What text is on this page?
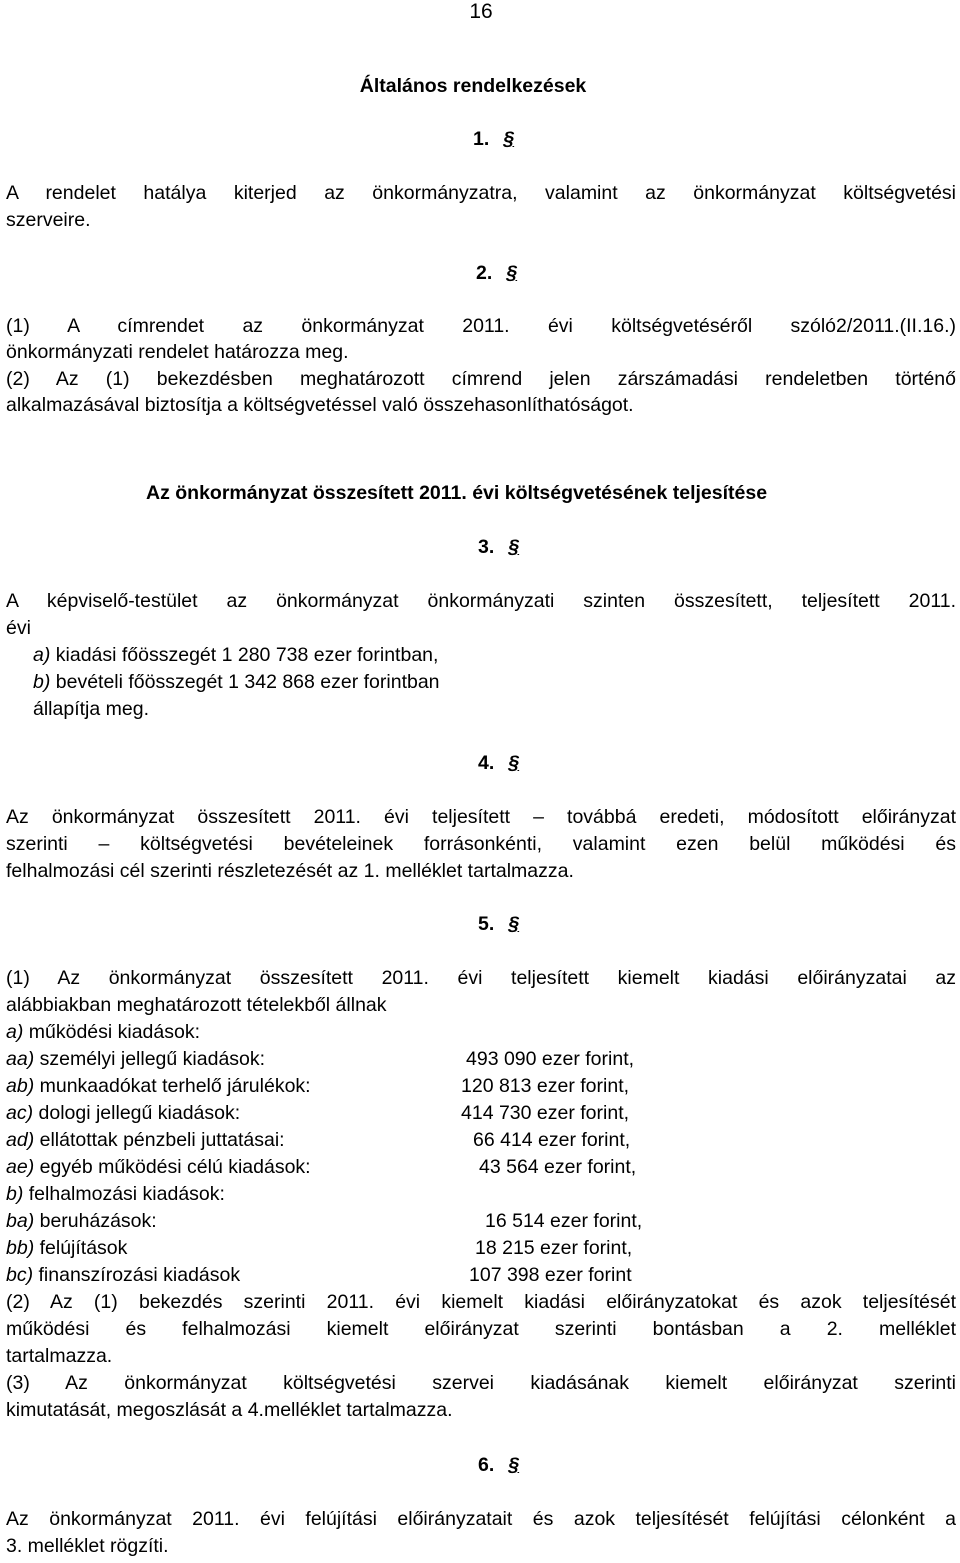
16
Általános rendelkezések
1. §
A rendelet hatálya kiterjed az önkormányzatra, valamint az önkormányzat költségvetési
szerveire.
2. §
(1) A címrendet az önkormányzat 2011. évi költségvetéséről szóló2/2011.(II.16.)
önkormányzati rendelet határozza meg.
(2) Az (1) bekezdésben meghatározott címrend jelen zárszámadási rendeletben történő
alkalmazásával biztosítja a költségvetéssel való összehasonlíthatóságot.
Az önkormányzat összesített 2011. évi költségvetésének teljesítése
3. §
A képviselő-testület az önkormányzat önkormányzati szinten összesített, teljesített 2011.
évi
a) kiadási főösszegét 1 280 738 ezer forintban,
b) bevételi főösszegét 1 342 868 ezer forintban
állapítja meg.
4. §
Az önkormányzat összesített 2011. évi teljesített – továbbá eredeti, módosított előirányzat
szerinti – költségvetési bevételeinek forrásonkénti, valamint ezen belül működési és
felhalmozási cél szerinti részletezését az 1. melléklet tartalmazza.
5. §
(1) Az önkormányzat összesített 2011. évi teljesített kiemelt kiadási előirányzatai az
alábbiakban meghatározott tételekből állnak
a) működési kiadások:
aa) személyi jellegű kiadások:	493 090 ezer forint,
ab) munkaadókat terhelő járulékok:	120 813 ezer forint,
ac) dologi jellegű kiadások:	414 730 ezer forint,
ad) ellátottak pénzbeli juttatásai:	66 414 ezer forint,
ae) egyéb működési célú kiadások:	43 564 ezer forint,
b) felhalmozási kiadások:
ba) beruházások:	16 514 ezer forint,
bb) felújítások	18 215 ezer forint,
bc) finanszírozási kiadások	107 398 ezer forint
(2) Az (1) bekezdés szerinti 2011. évi kiemelt kiadási előirányzatokat és azok teljesítését
működési és felhalmozási kiemelt előirányzat szerinti bontásban a 2. melléklet
tartalmazza.
(3) Az önkormányzat költségvetési szervei kiadásának kiemelt előirányzat szerinti
kimutatását, megoszlását a 4.melléklet tartalmazza.
6. §
Az önkormányzat 2011. évi felújítási előirányzatait és azok teljesítését felújítási célonként a
3. melléklet rögzíti.
